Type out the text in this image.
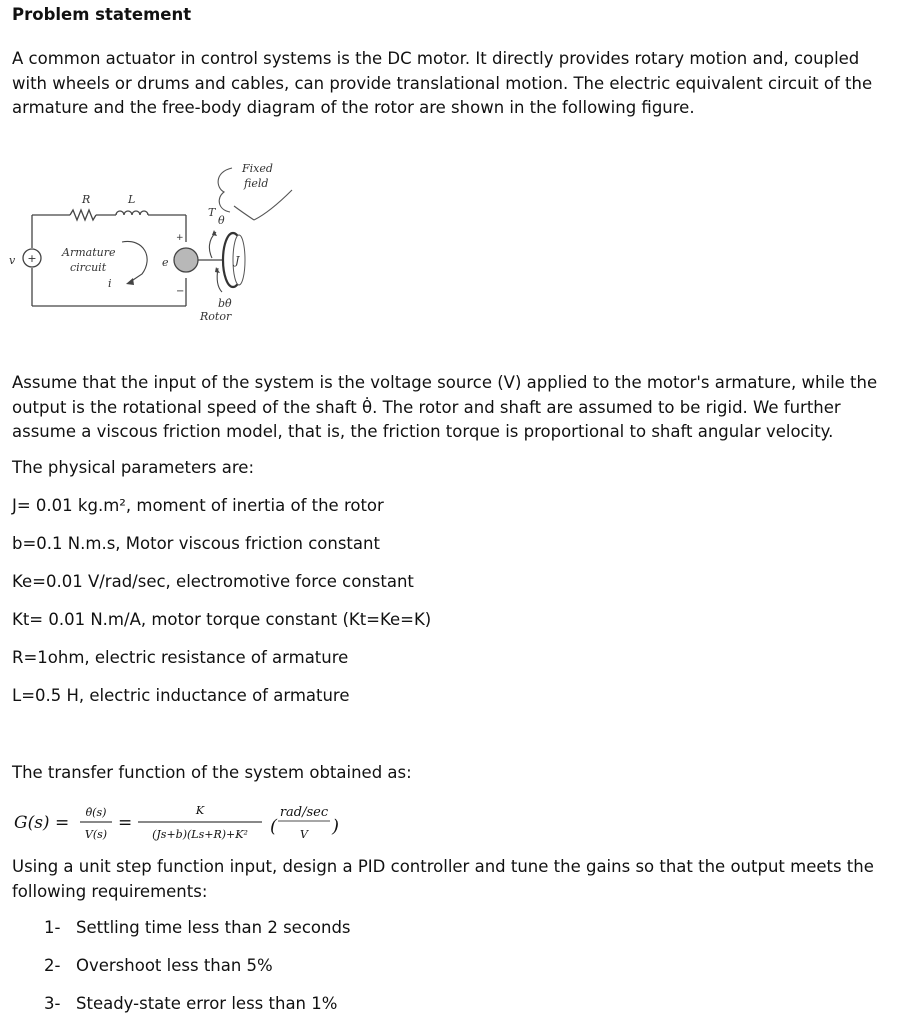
Problem statement

A common actuator in control systems is the DC motor. It directly provides rotary motion and, coupled with wheels or drums and cables, can provide translational motion. The electric equivalent circuit of the armature and the free-body diagram of the rotor are shown in the following figure.

+
v
R	L
Armature
circuit
i
e
+
−
J
T
θ
bθ̇
Rotor
Fixed
field

Assume that the input of the system is the voltage source (V) applied to the motor's armature, while the output is the rotational speed of the shaft θ̇. The rotor and shaft are assumed to be rigid. We further assume a viscous friction model, that is, the friction torque is proportional to shaft angular velocity.

The physical parameters are:

J= 0.01 kg.m², moment of inertia of the rotor

b=0.1 N.m.s, Motor viscous friction constant

Ke=0.01 V/rad/sec, electromotive force constant

Kt= 0.01 N.m/A, motor torque constant (Kt=Ke=K)

R=1ohm, electric resistance of armature

L=0.5 H, electric inductance of armature

The transfer function of the system obtained as:

G(s) =
θ̇(s)
V(s)
=
K
(Js+b)(Ls+R)+K² (
rad/sec
V )

Using a unit step function input, design a PID controller and tune the gains so that the output meets the following requirements:

1- Settling time less than 2 seconds

2- Overshoot less than 5%

3- Steady-state error less than 1%
